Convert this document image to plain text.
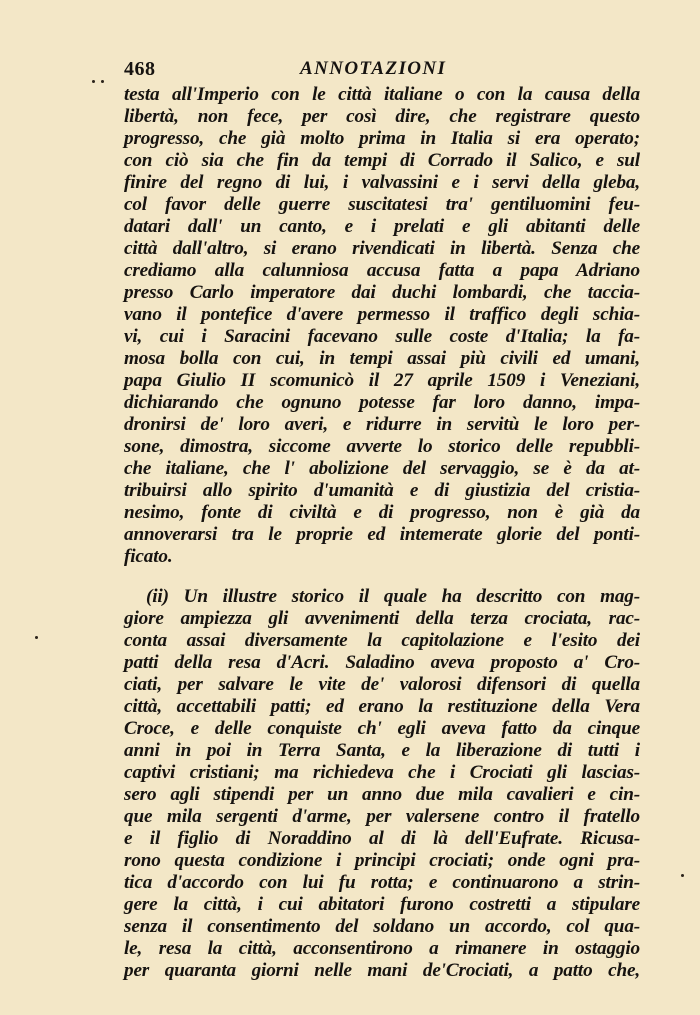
468	ANNOTAZIONI
testa all'Imperio con le città italiane o con la causa della
libertà, non fece, per così dire, che registrare questo
progresso, che già molto prima in Italia si era operato;
con ciò sia che fin da tempi di Corrado il Salico, e sul
finire del regno di lui, i valvassini e i servi della gleba,
col favor delle guerre suscitatesi tra' gentiluomini feu-
datari dall' un canto, e i prelati e gli abitanti delle
città dall'altro, si erano rivendicati in libertà. Senza che
crediamo alla calunniosa accusa fatta a papa Adriano
presso Carlo imperatore dai duchi lombardi, che taccia-
vano il pontefice d'avere permesso il traffico degli schia-
vi, cui i Saracini facevano sulle coste d'Italia; la fa-
mosa bolla con cui, in tempi assai più civili ed umani,
papa Giulio II scomunicò il 27 aprile 1509 i Veneziani,
dichiarando che ognuno potesse far loro danno, impa-
dronirsi de' loro averi, e ridurre in servitù le loro per-
sone, dimostra, siccome avverte lo storico delle repubbli-
che italiane, che l' abolizione del servaggio, se è da at-
tribuirsi allo spirito d'umanità e di giustizia del cristia-
nesimo, fonte di civiltà e di progresso, non è già da
annoverarsi tra le proprie ed intemerate glorie del ponti-
ficato.
(ii) Un illustre storico il quale ha descritto con mag-
giore ampiezza gli avvenimenti della terza crociata, rac-
conta assai diversamente la capitolazione e l'esito dei
patti della resa d'Acri. Saladino aveva proposto a' Cro-
ciati, per salvare le vite de' valorosi difensori di quella
città, accettabili patti; ed erano la restituzione della Vera
Croce, e delle conquiste ch' egli aveva fatto da cinque
anni in poi in Terra Santa, e la liberazione di tutti i
captivi cristiani; ma richiedeva che i Crociati gli lascias-
sero agli stipendi per un anno due mila cavalieri e cin-
que mila sergenti d'arme, per valersene contro il fratello
e il figlio di Noraddino al di là dell'Eufrate. Ricusa-
rono questa condizione i principi crociati; onde ogni pra-
tica d'accordo con lui fu rotta; e continuarono a strin-
gere la città, i cui abitatori furono costretti a stipulare
senza il consentimento del soldano un accordo, col qua-
le, resa la città, acconsentirono a rimanere in ostaggio
per quaranta giorni nelle mani de'Crociati, a patto che,
